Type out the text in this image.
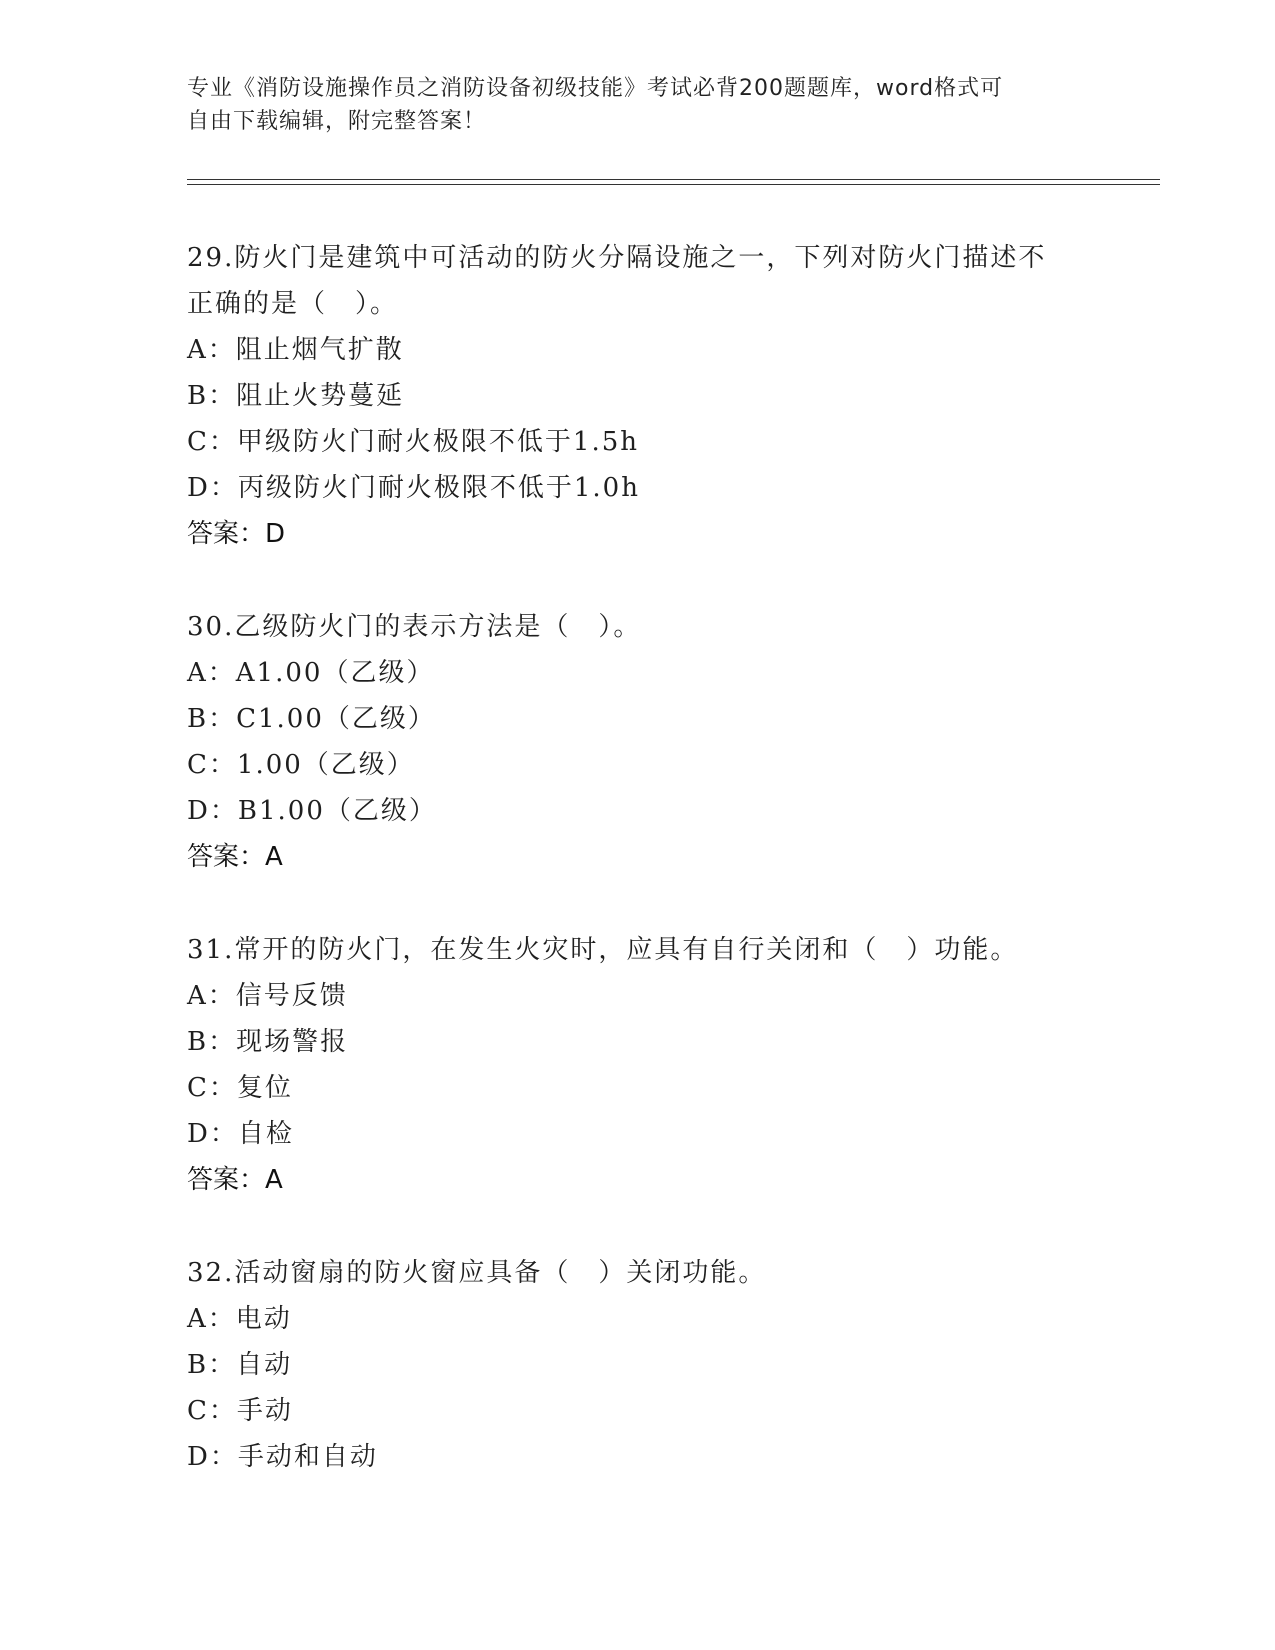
专业《消防设施操作员之消防设备初级技能》考试必背200题题库，word格式可
自由下载编辑，附完整答案！

29.防火门是建筑中可活动的防火分隔设施之一，下列对防火门描述不

正确的是（　）。

A：阻止烟气扩散

B：阻止火势蔓延

C：甲级防火门耐火极限不低于1.5h

D：丙级防火门耐火极限不低于1.0h

答案：D

30.乙级防火门的表示方法是（　）。

A：A1.00（乙级）

B：C1.00（乙级）

C：1.00（乙级）

D：B1.00（乙级）

答案：A

31.常开的防火门，在发生火灾时，应具有自行关闭和（　）功能。

A：信号反馈

B：现场警报

C：复位

D：自检

答案：A

32.活动窗扇的防火窗应具备（　）关闭功能。

A：电动

B：自动

C：手动

D：手动和自动
